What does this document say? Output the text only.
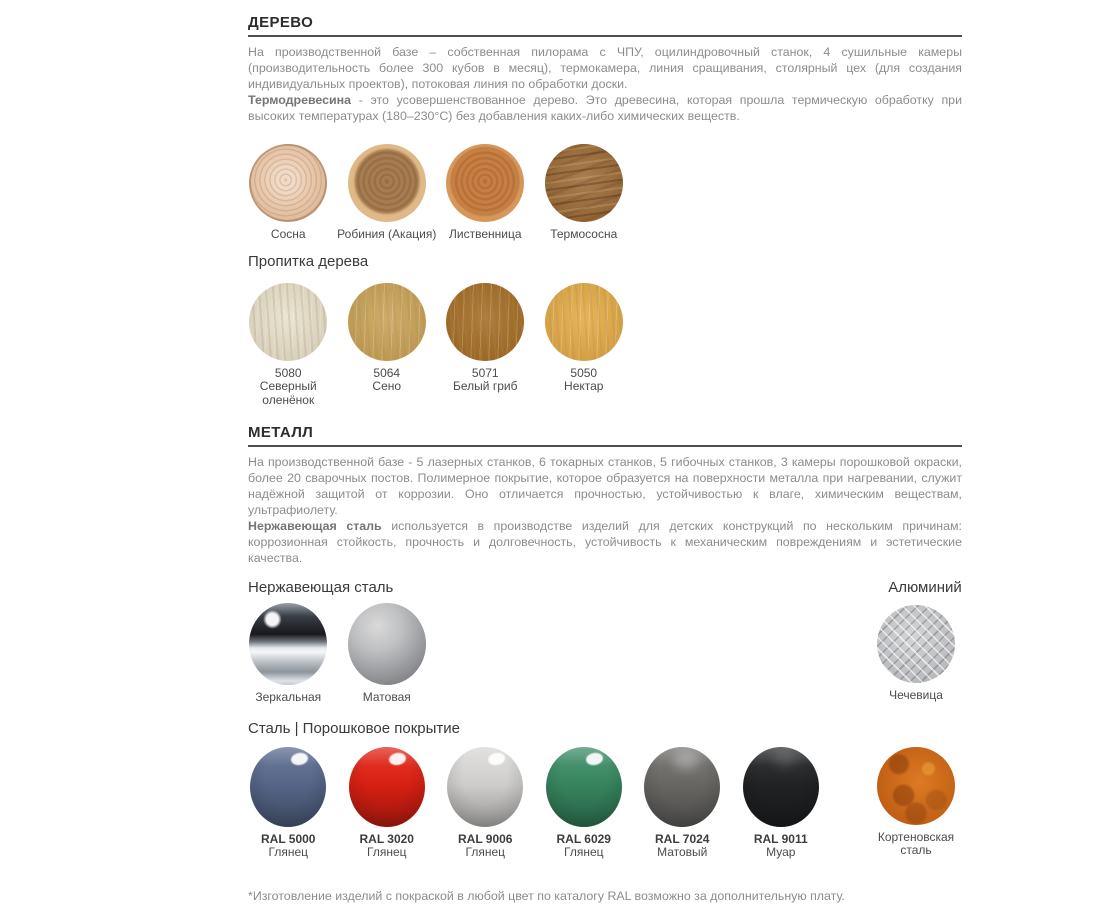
ДЕРЕВО

На производственной базе – собственная пилорама с ЧПУ, оцилиндровочный станок, 4 сушильные камеры (производительность более 300 кубов в месяц), термокамера, линия сращивания, столярный цех (для создания индивидуальных проектов), потоковая линия по обработки доски.
Термодревесина - это усовершенствованное дерево. Это древесина, которая прошла термическую обработку при высоких температурах (180–230°С) без добавления каких-либо химических веществ.

Сосна	Робиния (Акация) Лиственница Термососна
Пропитка дерева
5080
Северный оленёнок
5064
Сено
5071
Белый гриб
5050
Нектар
МЕТАЛЛ

На производственной базе - 5 лазерных станков, 6 токарных станков, 5 гибочных станков, 3 камеры порошковой окраски, более 20 сварочных постов. Полимерное покрытие, которое образуется на поверхности металла при нагревании, служит надёжной защитой от коррозии. Оно отличается прочностью, устойчивостью к влаге, химическим веществам, ультрафиолету.
Нержавеющая сталь используется в производстве изделий для детских конструкций по нескольким причинам: коррозионная стойкость, прочность и долговечность, устойчивость к механическим повреждениям и эстетические качества.

Нержавеющая сталь	Алюминий
Зеркальная	Матовая	Чечевица
Сталь | Порошковое покрытие
RAL 5000
Глянец
RAL 3020
Глянец
RAL 9006
Глянец
RAL 6029
Глянец
RAL 7024
Матовый
RAL 9011
Муар
Кортеновская сталь

*Изготовление изделий с покраской в любой цвет по каталогу RAL возможно за дополнительную плату.
